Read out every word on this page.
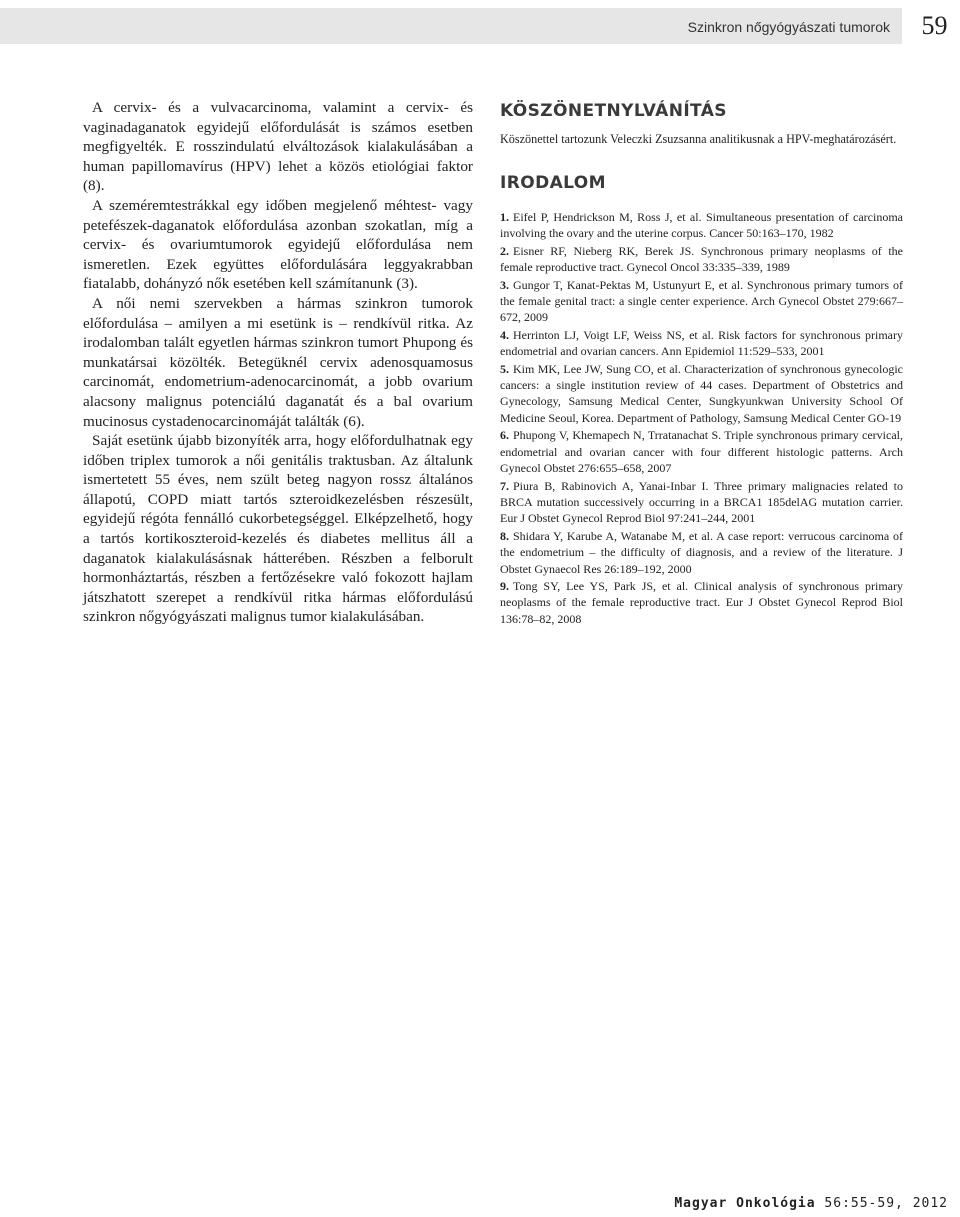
Szinkron nőgyógyászati tumorok	59

A cervix- és a vulvacarcinoma, valamint a cervix- és vaginadaganatok egyidejű előfordulását is számos esetben megfigyelték. E rosszindulatú elváltozások kialakulásában a human papillomavírus (HPV) lehet a közös etiológiai faktor (8).

A szeméremtestrákkal egy időben megjelenő méhtest- vagy petefészek-daganatok előfordulása azonban szokatlan, míg a cervix- és ovariumtumorok egyidejű előfordulása nem ismeretlen. Ezek együttes előfordulására leggyakrabban fiatalabb, dohányzó nők esetében kell számítanunk (3).

A női nemi szervekben a hármas szinkron tumorok előfordulása – amilyen a mi esetünk is – rendkívül ritka. Az irodalomban talált egyetlen hármas szinkron tumort Phupong és munkatársai közölték. Betegüknél cervix adenosquamosus carcinomát, endometrium-adenocarcinomát, a jobb ovarium alacsony malignus potenciálú daganatát és a bal ovarium mucinosus cystadenocarcinomáját találták (6).

Saját esetünk újabb bizonyíték arra, hogy előfordulhatnak egy időben triplex tumorok a női genitális traktusban. Az általunk ismertetett 55 éves, nem szült beteg nagyon rossz általános állapotú, COPD miatt tartós szteroidkezelésben részesült, egyidejű régóta fennálló cukorbetegséggel. Elképzelhető, hogy a tartós kortikoszteroid-kezelés és diabetes mellitus áll a daganatok kialakulásásnak hátterében. Részben a felborult hormonháztartás, részben a fertőzésekre való fokozott hajlam játszhatott szerepet a rendkívül ritka hármas előfordulású szinkron nőgyógyászati malignus tumor kialakulásában.

KÖSZÖNETNYLVÁNÍTÁS

Köszönettel tartozunk Veleczki Zsuzsanna analitikusnak a HPV-meghatározásért.

IRODALOM
1. Eifel P, Hendrickson M, Ross J, et al. Simultaneous presentation of carcinoma involving the ovary and the uterine corpus. Cancer 50:163–170, 1982
2. Eisner RF, Nieberg RK, Berek JS. Synchronous primary neoplasms of the female reproductive tract. Gynecol Oncol 33:335–339, 1989
3. Gungor T, Kanat-Pektas M, Ustunyurt E, et al. Synchronous primary tumors of the female genital tract: a single center experience. Arch Gynecol Obstet 279:667–672, 2009
4. Herrinton LJ, Voigt LF, Weiss NS, et al. Risk factors for synchronous primary endometrial and ovarian cancers. Ann Epidemiol 11:529–533, 2001
5. Kim MK, Lee JW, Sung CO, et al. Characterization of synchronous gynecologic cancers: a single institution review of 44 cases. Department of Obstetrics and Gynecology, Samsung Medical Center, Sungkyunkwan University School Of Medicine Seoul, Korea. Department of Pathology, Samsung Medical Center GO-19
6. Phupong V, Khemapech N, Trratanachat S. Triple synchronous primary cervical, endometrial and ovarian cancer with four different histologic patterns. Arch Gynecol Obstet 276:655–658, 2007
7. Piura B, Rabinovich A, Yanai-Inbar I. Three primary malignacies related to BRCA mutation successively occurring in a BRCA1 185delAG mutation carrier. Eur J Obstet Gynecol Reprod Biol 97:241–244, 2001
8. Shidara Y, Karube A, Watanabe M, et al. A case report: verrucous carcinoma of the endometrium – the difficulty of diagnosis, and a review of the literature. J Obstet Gynaecol Res 26:189–192, 2000
9. Tong SY, Lee YS, Park JS, et al. Clinical analysis of synchronous primary neoplasms of the female reproductive tract. Eur J Obstet Gynecol Reprod Biol 136:78–82, 2008
Magyar Onkológia 56:55-59, 2012
